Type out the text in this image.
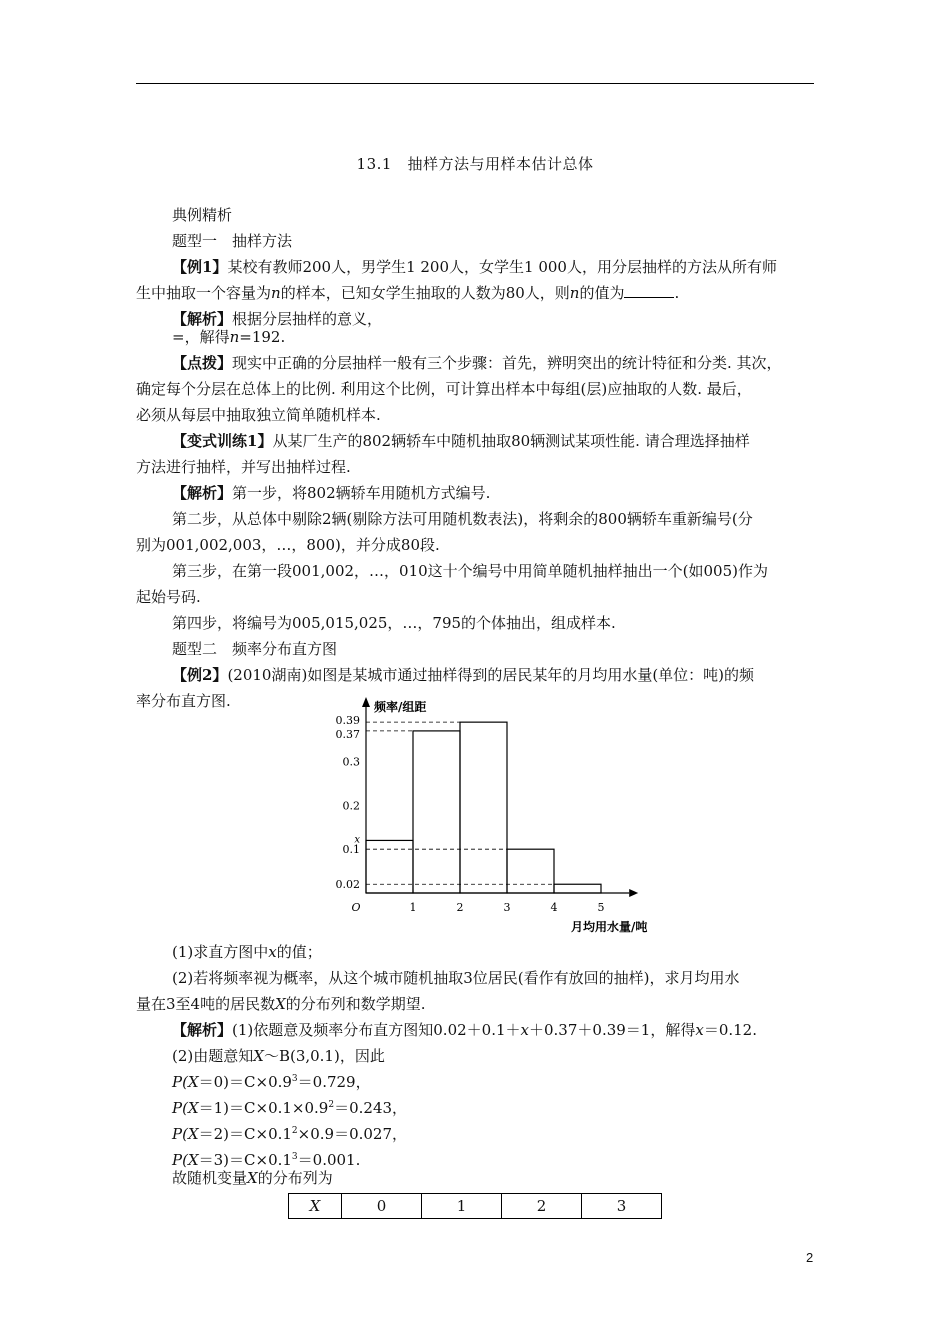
13.1　抽样方法与用样本估计总体
典例精析
题型一　抽样方法
【例1】某校有教师200人，男学生1 200人，女学生1 000人，用分层抽样的方法从所有师
生中抽取一个容量为n的样本，已知女学生抽取的人数为80人，则n的值为	.
【解析】根据分层抽样的意义，
=，解得n=192.
【点拨】现实中正确的分层抽样一般有三个步骤：首先，辨明突出的统计特征和分类. 其次，
确定每个分层在总体上的比例. 利用这个比例，可计算出样本中每组(层)应抽取的人数. 最后，
必须从每层中抽取独立简单随机样本.
【变式训练1】从某厂生产的802辆轿车中随机抽取80辆测试某项性能. 请合理选择抽样
方法进行抽样，并写出抽样过程.
【解析】第一步，将802辆轿车用随机方式编号.
第二步，从总体中剔除2辆(剔除方法可用随机数表法)，将剩余的800辆轿车重新编号(分
别为001,002,003，…，800)，并分成80段.
第三步，在第一段001,002，…，010这十个编号中用简单随机抽样抽出一个(如005)作为
起始号码.
第四步，将编号为005,015,025，…，795的个体抽出，组成样本.
题型二　频率分布直方图
【例2】(2010湖南)如图是某城市通过抽样得到的居民某年的月均用水量(单位：吨)的频
率分布直方图.
0.02
0.1
x
0.2
0.3
0.37
0.39
1	2	3	4	5
O
频率/组距
月均用水量/吨
(1)求直方图中x的值；
(2)若将频率视为概率，从这个城市随机抽取3位居民(看作有放回的抽样)，求月均用水
量在3至4吨的居民数X的分布列和数学期望.
【解析】(1)依题意及频率分布直方图知0.02＋0.1＋x＋0.37＋0.39＝1，解得x＝0.12.
(2)由题意知X～B(3,0.1)，因此
$P(X=0)=C\times 0.9^3=0.729$，
$P(X=1)=C\times 0.1\times 0.9^2=0.243$，
$P(X=2)=C\times 0.1^2\times 0.9=0.027$，
$P(X=3)=C\times 0.1^3=0.001$.
故随机变量X的分布列为
X	0	1	2	3
2
